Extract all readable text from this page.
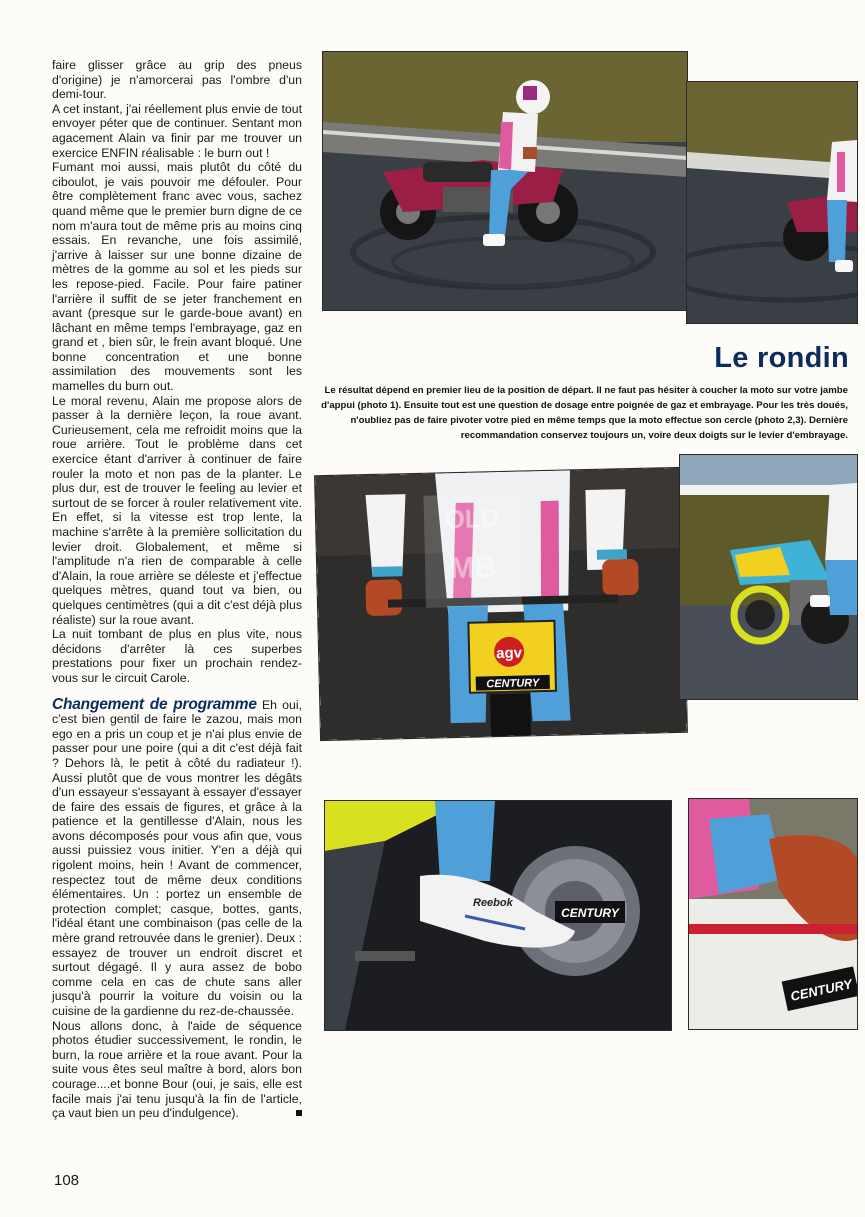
faire glisser grâce au grip des pneus d'origine) je n'amorcerai pas l'ombre d'un demi-tour.

A cet instant, j'ai réellement plus envie de tout envoyer péter que de continuer. Sentant mon agacement Alain va finir par me trouver un exercice ENFIN réalisable : le burn out !

Fumant moi aussi, mais plutôt du côté du ciboulot, je vais pouvoir me défouler. Pour être complètement franc avec vous, sachez quand même que le premier burn digne de ce nom m'aura tout de même pris au moins cinq essais. En revanche, une fois assimilé, j'arrive à laisser sur une bonne dizaine de mètres de la gomme au sol et les pieds sur les repose-pied. Facile. Pour faire patiner l'arrière il suffit de se jeter franchement en avant (presque sur le garde-boue avant) en lâchant en même temps l'embrayage, gaz en grand et , bien sûr, le frein avant bloqué. Une bonne concentration et une bonne assimilation des mouvements sont les mamelles du burn out.

Le moral revenu, Alain me propose alors de passer à la dernière leçon, la roue avant. Curieusement, cela me refroidit moins que la roue arrière. Tout le problème dans cet exercice étant d'arriver à continuer de faire rouler la moto et non pas de la planter. Le plus dur, est de trouver le feeling au levier et surtout de se forcer à rouler relativement vite. En effet, si la vitesse est trop lente, la machine s'arrête à la première sollicitation du levier droit. Globalement, et même si l'amplitude n'a rien de comparable à celle d'Alain, la roue arrière se déleste et j'effectue quelques mètres, quand tout va bien, ou quelques centimètres (qui a dit c'est déjà plus réaliste) sur la roue avant.

La nuit tombant de plus en plus vite, nous décidons d'arrêter là ces superbes prestations pour fixer un prochain rendez-vous sur le circuit Carole.

Changement de programme Eh oui, c'est bien gentil de faire le zazou, mais mon ego en a pris un coup et je n'ai plus envie de passer pour une poire (qui a dit c'est déjà fait ? Dehors là, le petit à côté du radiateur !). Aussi plutôt que de vous montrer les dégâts d'un essayeur s'essayant à essayer d'essayer de faire des essais de figures, et grâce à la patience et la gentillesse d'Alain, nous les avons décomposés pour vous afin que, vous aussi puissiez vous initier. Y'en a déjà qui rigolent moins, hein ! Avant de commencer, respectez tout de même deux conditions élémentaires. Un : portez un ensemble de protection complet; casque, bottes, gants, l'idéal étant une combinaison (pas celle de la mère grand retrouvée dans le grenier). Deux : essayez de trouver un endroit discret et surtout dégagé. Il y aura assez de bobo comme cela en cas de chute sans aller jusqu'à pourrir la voiture du voisin ou la cuisine de la gardienne du rez-de-chaussée.

Nous allons donc, à l'aide de séquence photos étudier successivement, le rondin, le burn, la roue arrière et la roue avant. Pour la suite vous êtes seul maître à bord, alors bon courage....et bonne Bour (oui, je sais, elle est facile mais j'ai tenu jusqu'à la fin de l'article, ça vaut bien un peu d'indulgence).

108
Le rondin
Le résultat dépend en premier lieu de la position de départ. Il ne faut pas hésiter à coucher la moto sur votre jambe d'appui (photo 1). Ensuite tout est une question de dosage entre poignée de gaz et embrayage. Pour les très doués, n'oubliez pas de faire pivoter votre pied en même temps que la moto effectue son cercle (photo 2,3). Dernière recommandation conservez toujours un, voire deux doigts sur le levier d'embrayage.
agv
CENTURY
OLD
MB
CENTURY
Reebok
CENTURY
